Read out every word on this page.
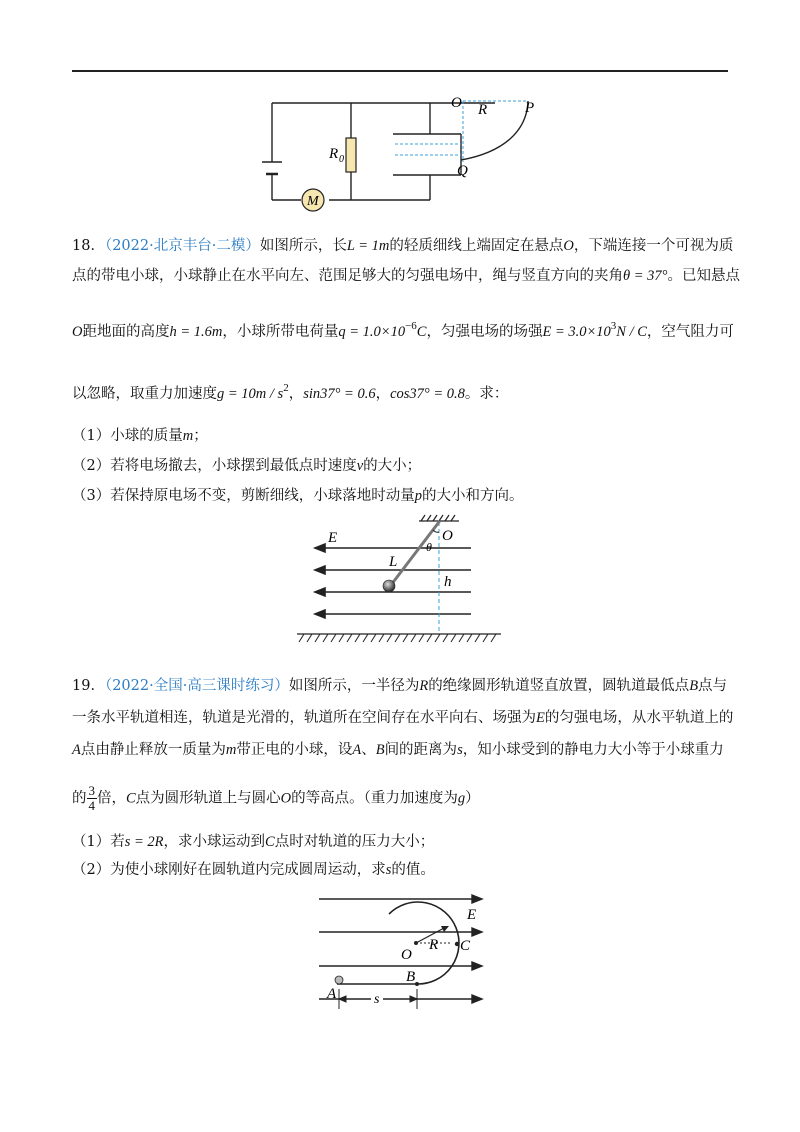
R 0
M
O R	P
Q
18．（2022·北京丰台·二模）如图所示，长L = 1m的轻质细线上端固定在悬点O，下端连接一个可视为质
点的带电小球，小球静止在水平向左、范围足够大的匀强电场中，绳与竖直方向的夹角θ = 37°。已知悬点
O距地面的高度h = 1.6m，小球所带电荷量$q = 1.0\times 10^{-6}C$，匀强电场的场强$E = 3.0\times 10^3N / C$，空气阻力可
以忽略，取重力加速度$g = 10m / s^2$，sin37° = 0.6，cos37° = 0.8。求：
（1）小球的质量m；
（2）若将电场撤去，小球摆到最低点时速度v的大小；
（3）若保持原电场不变，剪断细线，小球落地时动量p的大小和方向。
E	O
θ
L
h
19．（2022·全国·高三课时练习）如图所示，一半径为R的绝缘圆形轨道竖直放置，圆轨道最低点B点与
一条水平轨道相连，轨道是光滑的，轨道所在空间存在水平向右、场强为E的匀强电场，从水平轨道上的
A点由静止释放一质量为m带正电的小球，设A、B间的距离为s，知小球受到的静电力大小等于小球重力
的 $\frac{3}{4}$ 倍，C点为圆形轨道上与圆心O的等高点。（重力加速度为g）
（1）若s = 2R，求小球运动到C点时对轨道的压力大小；
（2）为使小球刚好在圆轨道内完成圆周运动，求s的值。
E
O
R C
B
A	s
